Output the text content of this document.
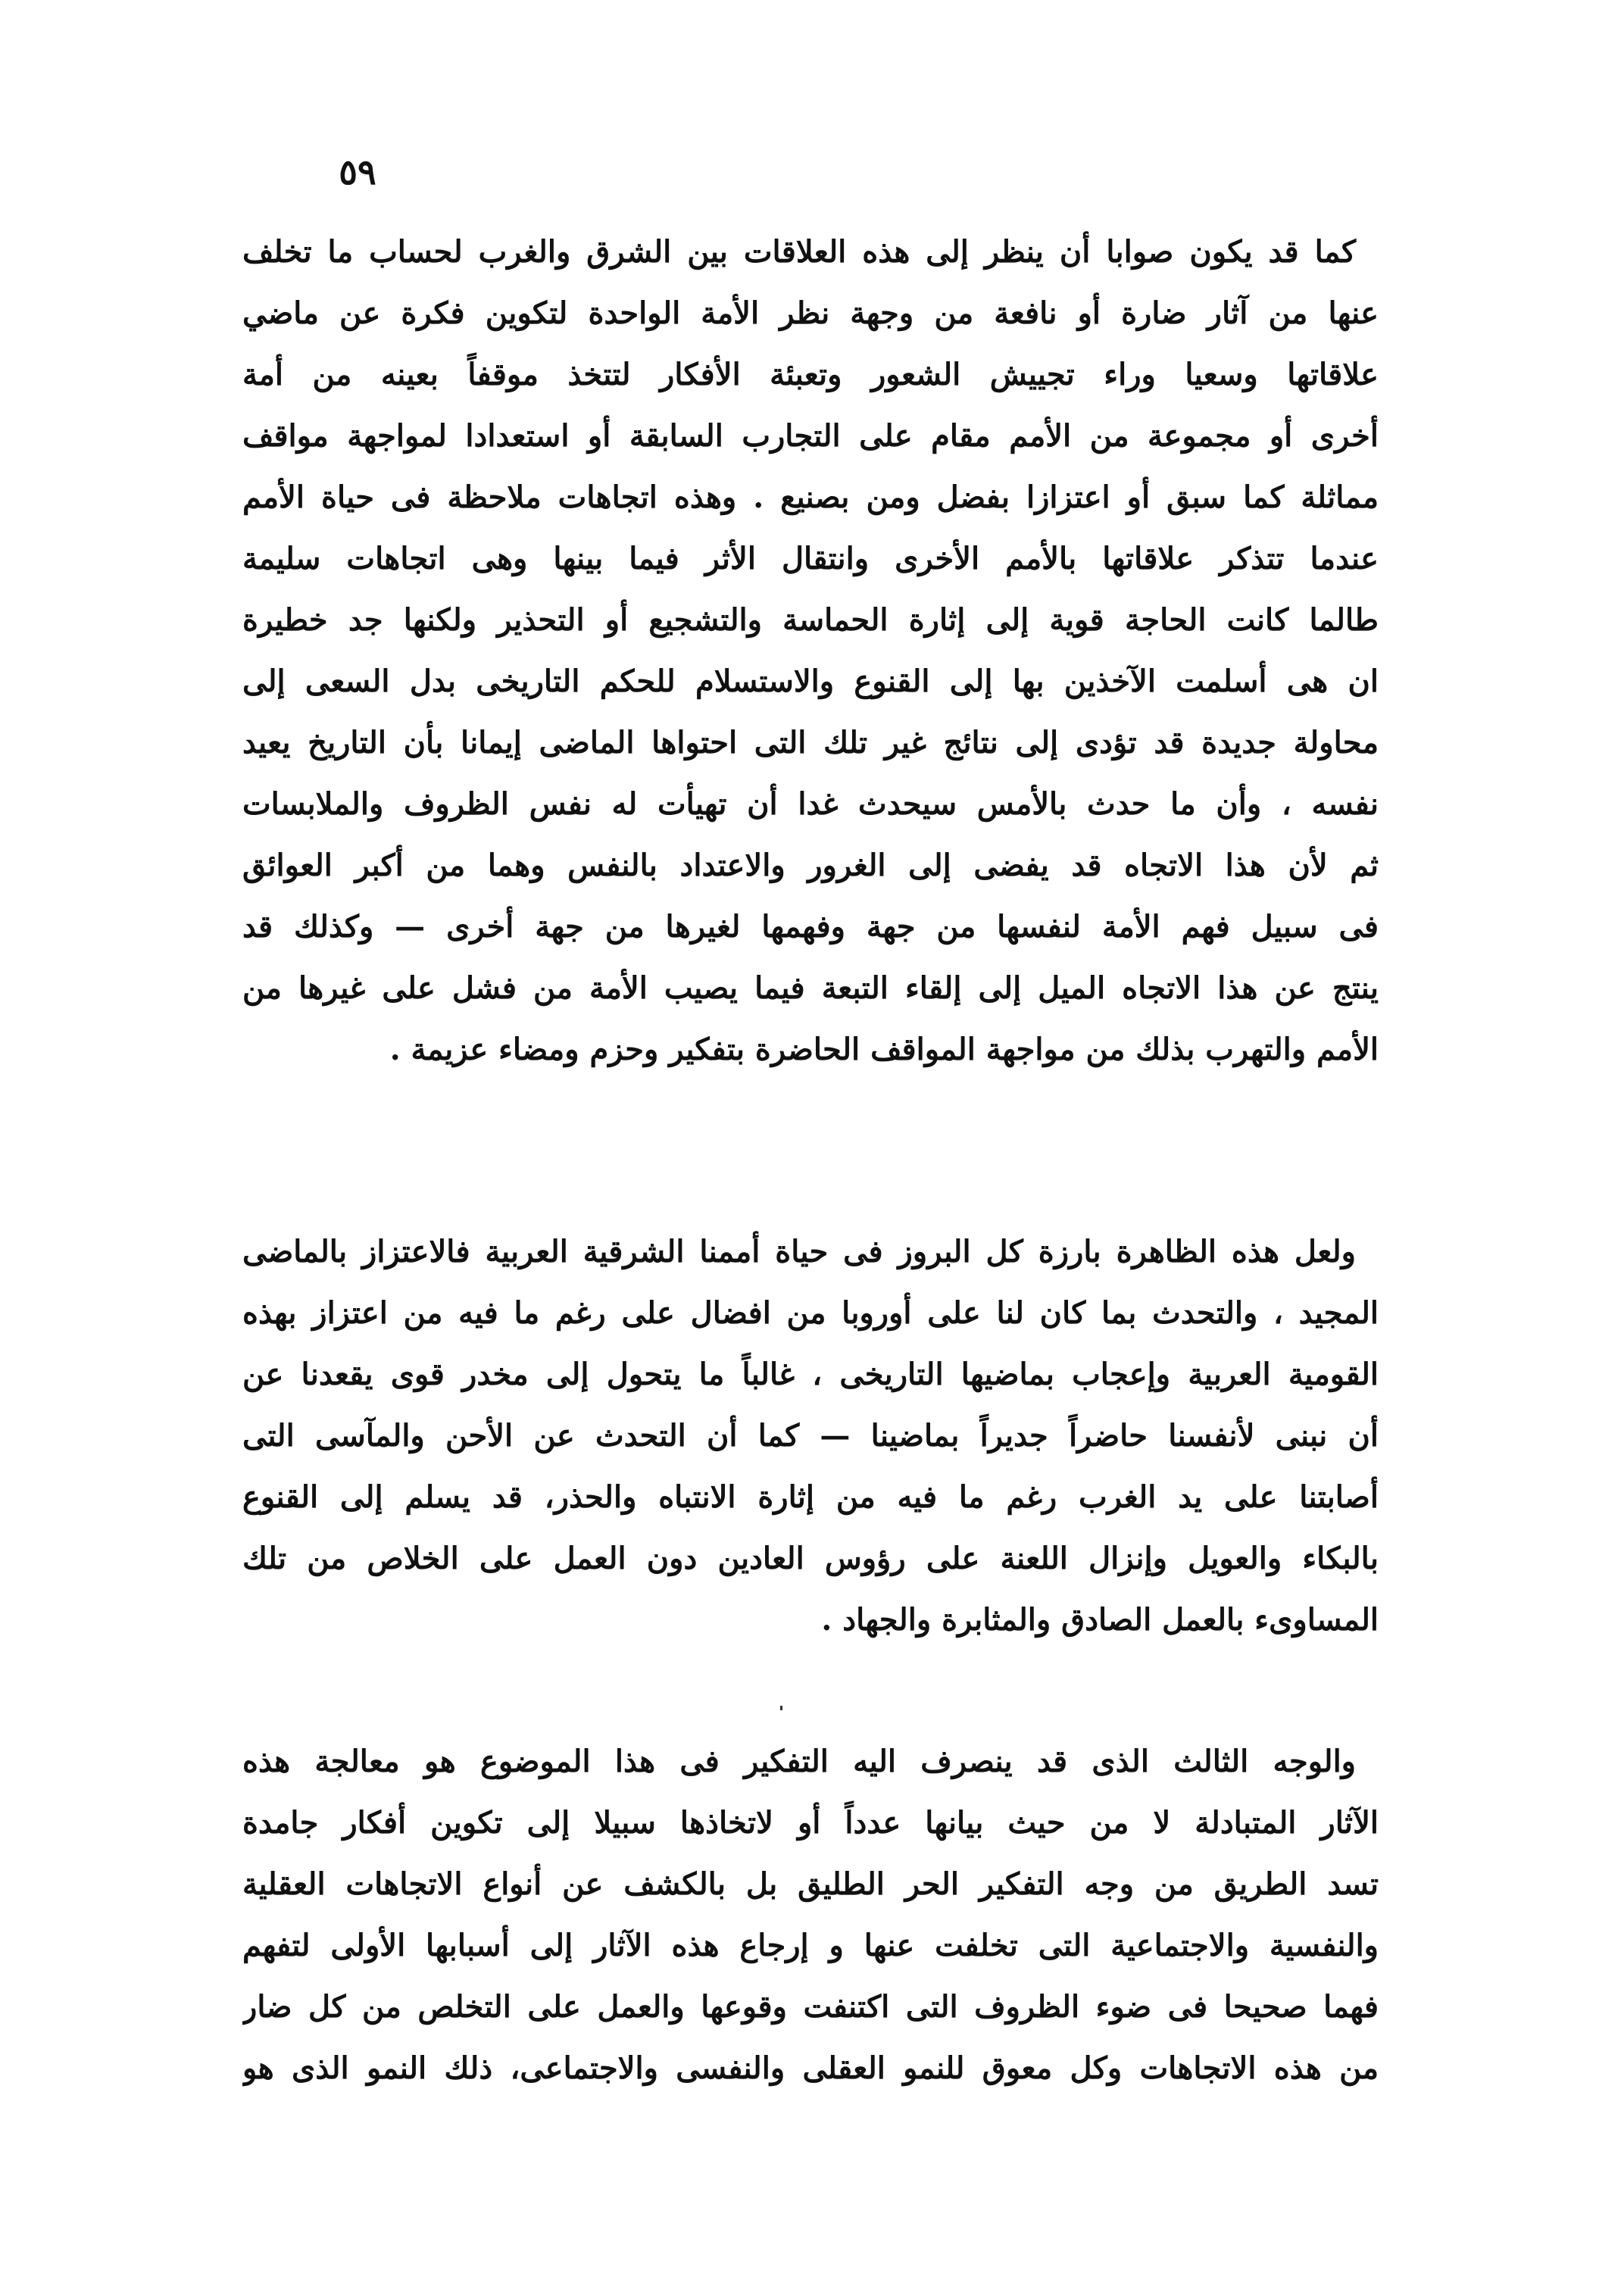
٥٩
كما قد يكون صوابا أن ينظر إلى هذه العلاقات بين الشرق والغرب لحساب ما تخلف
عنها من آثار ضارة أو نافعة من وجهة نظر الأمة الواحدة لتكوين فكرة عن ماضي
علاقاتها وسعيا وراء تجييش الشعور وتعبئة الأفكار لتتخذ موقفاً بعينه من أمة
أخرى أو مجموعة من الأمم مقام على التجارب السابقة أو استعدادا لمواجهة مواقف
مماثلة كما سبق أو اعتزازا بفضل ومن بصنيع . وهذه اتجاهات ملاحظة فى حياة الأمم
عندما تتذكر علاقاتها بالأمم الأخرى وانتقال الأثر فيما بينها وهى اتجاهات سليمة
طالما كانت الحاجة قوية إلى إثارة الحماسة والتشجيع أو التحذير ولكنها جد خطيرة
ان هى أسلمت الآخذين بها إلى القنوع والاستسلام للحكم التاريخى بدل السعى إلى
محاولة جديدة قد تؤدى إلى نتائج غير تلك التى احتواها الماضى إيمانا بأن التاريخ يعيد
نفسه ، وأن ما حدث بالأمس سيحدث غدا أن تهيأت له نفس الظروف والملابسات
ثم لأن هذا الاتجاه قد يفضى إلى الغرور والاعتداد بالنفس وهما من أكبر العوائق
فى سبيل فهم الأمة لنفسها من جهة وفهمها لغيرها من جهة أخرى — وكذلك قد
ينتج عن هذا الاتجاه الميل إلى إلقاء التبعة فيما يصيب الأمة من فشل على غيرها من
الأمم والتهرب بذلك من مواجهة المواقف الحاضرة بتفكير وحزم ومضاء عزيمة .
ولعل هذه الظاهرة بارزة كل البروز فى حياة أممنا الشرقية العربية فالاعتزاز بالماضى
المجيد ، والتحدث بما كان لنا على أوروبا من افضال على رغم ما فيه من اعتزاز بهذه
القومية العربية وإعجاب بماضيها التاريخى ، غالباً ما يتحول إلى مخدر قوى يقعدنا عن
أن نبنى لأنفسنا حاضراً جديراً بماضينا — كما أن التحدث عن الأحن والمآسى التى
أصابتنا على يد الغرب رغم ما فيه من إثارة الانتباه والحذر، قد يسلم إلى القنوع
بالبكاء والعويل وإنزال اللعنة على رؤوس العادين دون العمل على الخلاص من تلك
المساوىء بالعمل الصادق والمثابرة والجهاد .
والوجه الثالث الذى قد ينصرف اليه التفكير فى هذا الموضوع هو معالجة هذه
الآثار المتبادلة لا من حيث بيانها عدداً أو لاتخاذها سبيلا إلى تكوين أفكار جامدة
تسد الطريق من وجه التفكير الحر الطليق بل بالكشف عن أنواع الاتجاهات العقلية
والنفسية والاجتماعية التى تخلفت عنها و إرجاع هذه الآثار إلى أسبابها الأولى لتفهم
فهما صحيحا فى ضوء الظروف التى اكتنفت وقوعها والعمل على التخلص من كل ضار
من هذه الاتجاهات وكل معوق للنمو العقلى والنفسى والاجتماعى، ذلك النمو الذى هو
